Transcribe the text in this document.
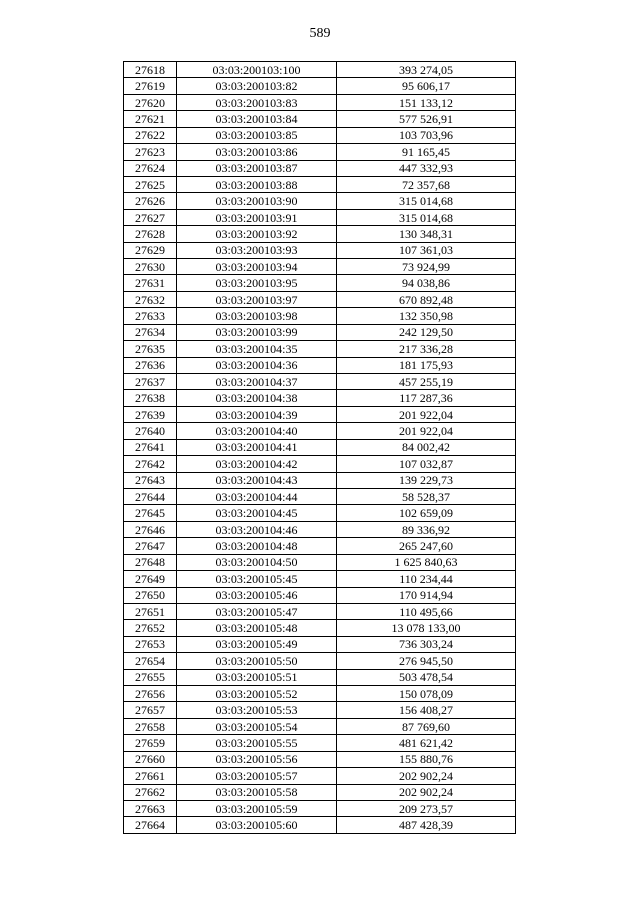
589
27618	03:03:200103:100	393 274,05
27619	03:03:200103:82	95 606,17
27620	03:03:200103:83	151 133,12
27621	03:03:200103:84	577 526,91
27622	03:03:200103:85	103 703,96
27623	03:03:200103:86	91 165,45
27624	03:03:200103:87	447 332,93
27625	03:03:200103:88	72 357,68
27626	03:03:200103:90	315 014,68
27627	03:03:200103:91	315 014,68
27628	03:03:200103:92	130 348,31
27629	03:03:200103:93	107 361,03
27630	03:03:200103:94	73 924,99
27631	03:03:200103:95	94 038,86
27632	03:03:200103:97	670 892,48
27633	03:03:200103:98	132 350,98
27634	03:03:200103:99	242 129,50
27635	03:03:200104:35	217 336,28
27636	03:03:200104:36	181 175,93
27637	03:03:200104:37	457 255,19
27638	03:03:200104:38	117 287,36
27639	03:03:200104:39	201 922,04
27640	03:03:200104:40	201 922,04
27641	03:03:200104:41	84 002,42
27642	03:03:200104:42	107 032,87
27643	03:03:200104:43	139 229,73
27644	03:03:200104:44	58 528,37
27645	03:03:200104:45	102 659,09
27646	03:03:200104:46	89 336,92
27647	03:03:200104:48	265 247,60
27648	03:03:200104:50	1 625 840,63
27649	03:03:200105:45	110 234,44
27650	03:03:200105:46	170 914,94
27651	03:03:200105:47	110 495,66
27652	03:03:200105:48	13 078 133,00
27653	03:03:200105:49	736 303,24
27654	03:03:200105:50	276 945,50
27655	03:03:200105:51	503 478,54
27656	03:03:200105:52	150 078,09
27657	03:03:200105:53	156 408,27
27658	03:03:200105:54	87 769,60
27659	03:03:200105:55	481 621,42
27660	03:03:200105:56	155 880,76
27661	03:03:200105:57	202 902,24
27662	03:03:200105:58	202 902,24
27663	03:03:200105:59	209 273,57
27664	03:03:200105:60	487 428,39
